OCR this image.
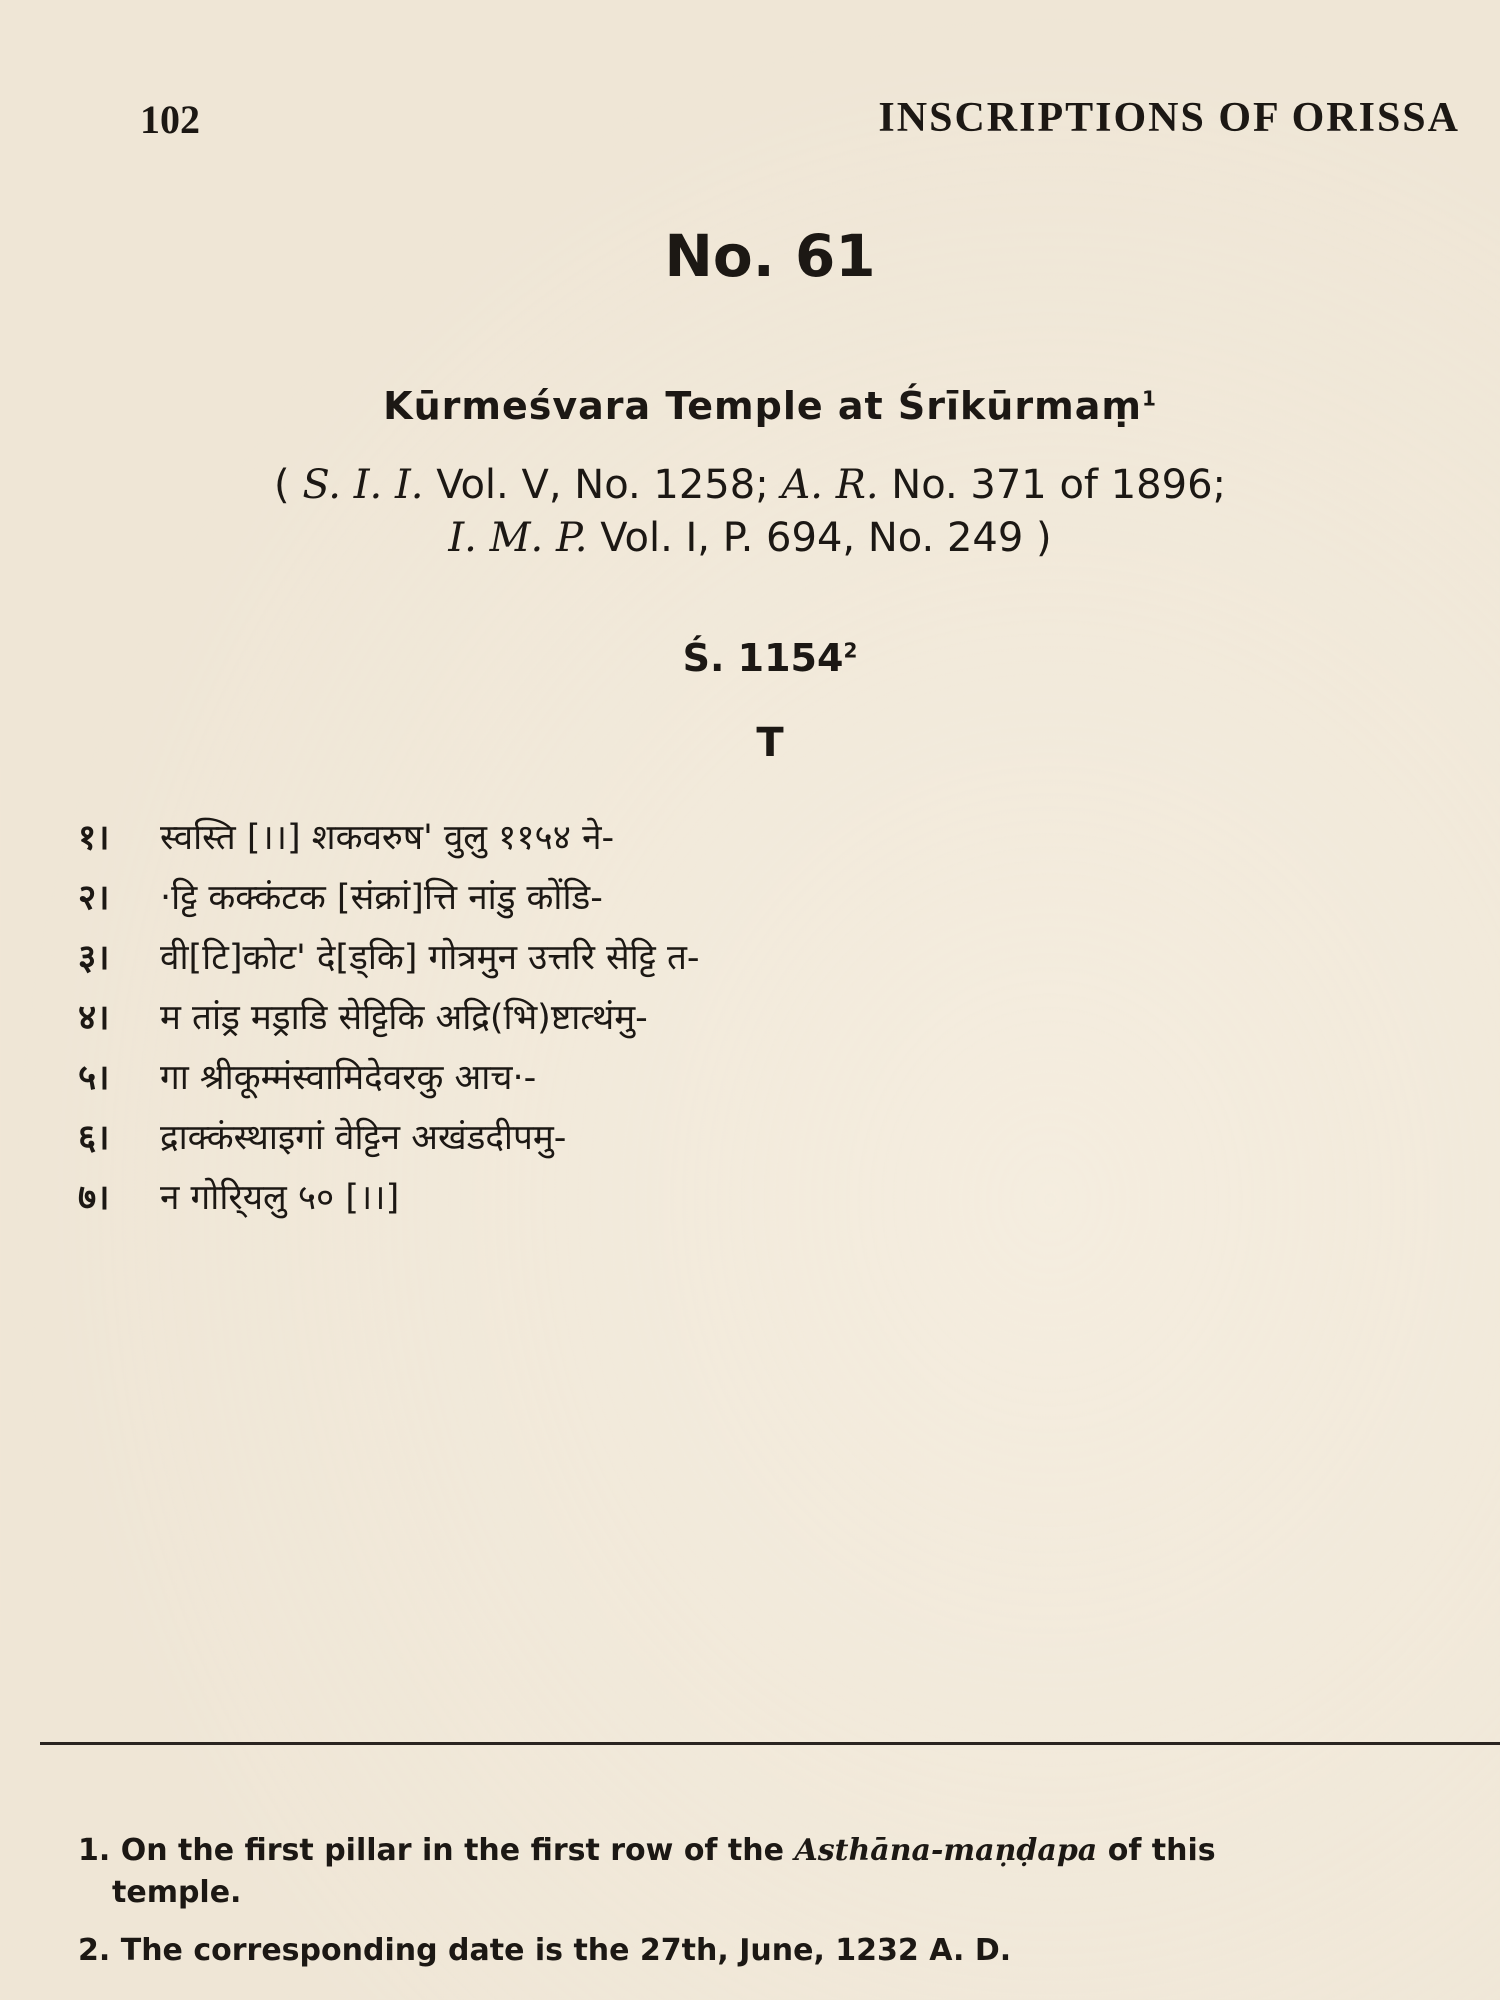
102	INSCRIPTIONS OF ORISSA
No. 61
Kūrmeśvara Temple at Śrīkūrmaṃ$^1$
( S. I. I. Vol. V, No. 1258; A. R. No. 371 of 1896;
I. M. P. Vol. I, P. 694, No. 249 )
Ś. 1154$^2$
T
१। स्वस्ति [।।] शकवरुष' वुलु ११५४ ने-
२। ·ट्टि कक्कंटक [संक्रां]त्ति नांडु कोंडि-
३। वी[टि]कोट' दे[ड्कि] गोत्रमुन उत्तरि सेट्टि त-
४। म तांड्र मड्राडि सेट्टिकि अद्रि(भि)ष्टात्थंमु-
५। गा श्रीकूम्मंस्वामिदेवरकु आच·-
६। द्राक्कंस्थाइगां वेट्टिन अखंडदीपमु-
७। न गोरि्यलु ५० [।।]
1. On the first pillar in the first row of the Asthāna-maṇḍapa of this
temple.
2. The corresponding date is the 27th, June, 1232 A. D.
